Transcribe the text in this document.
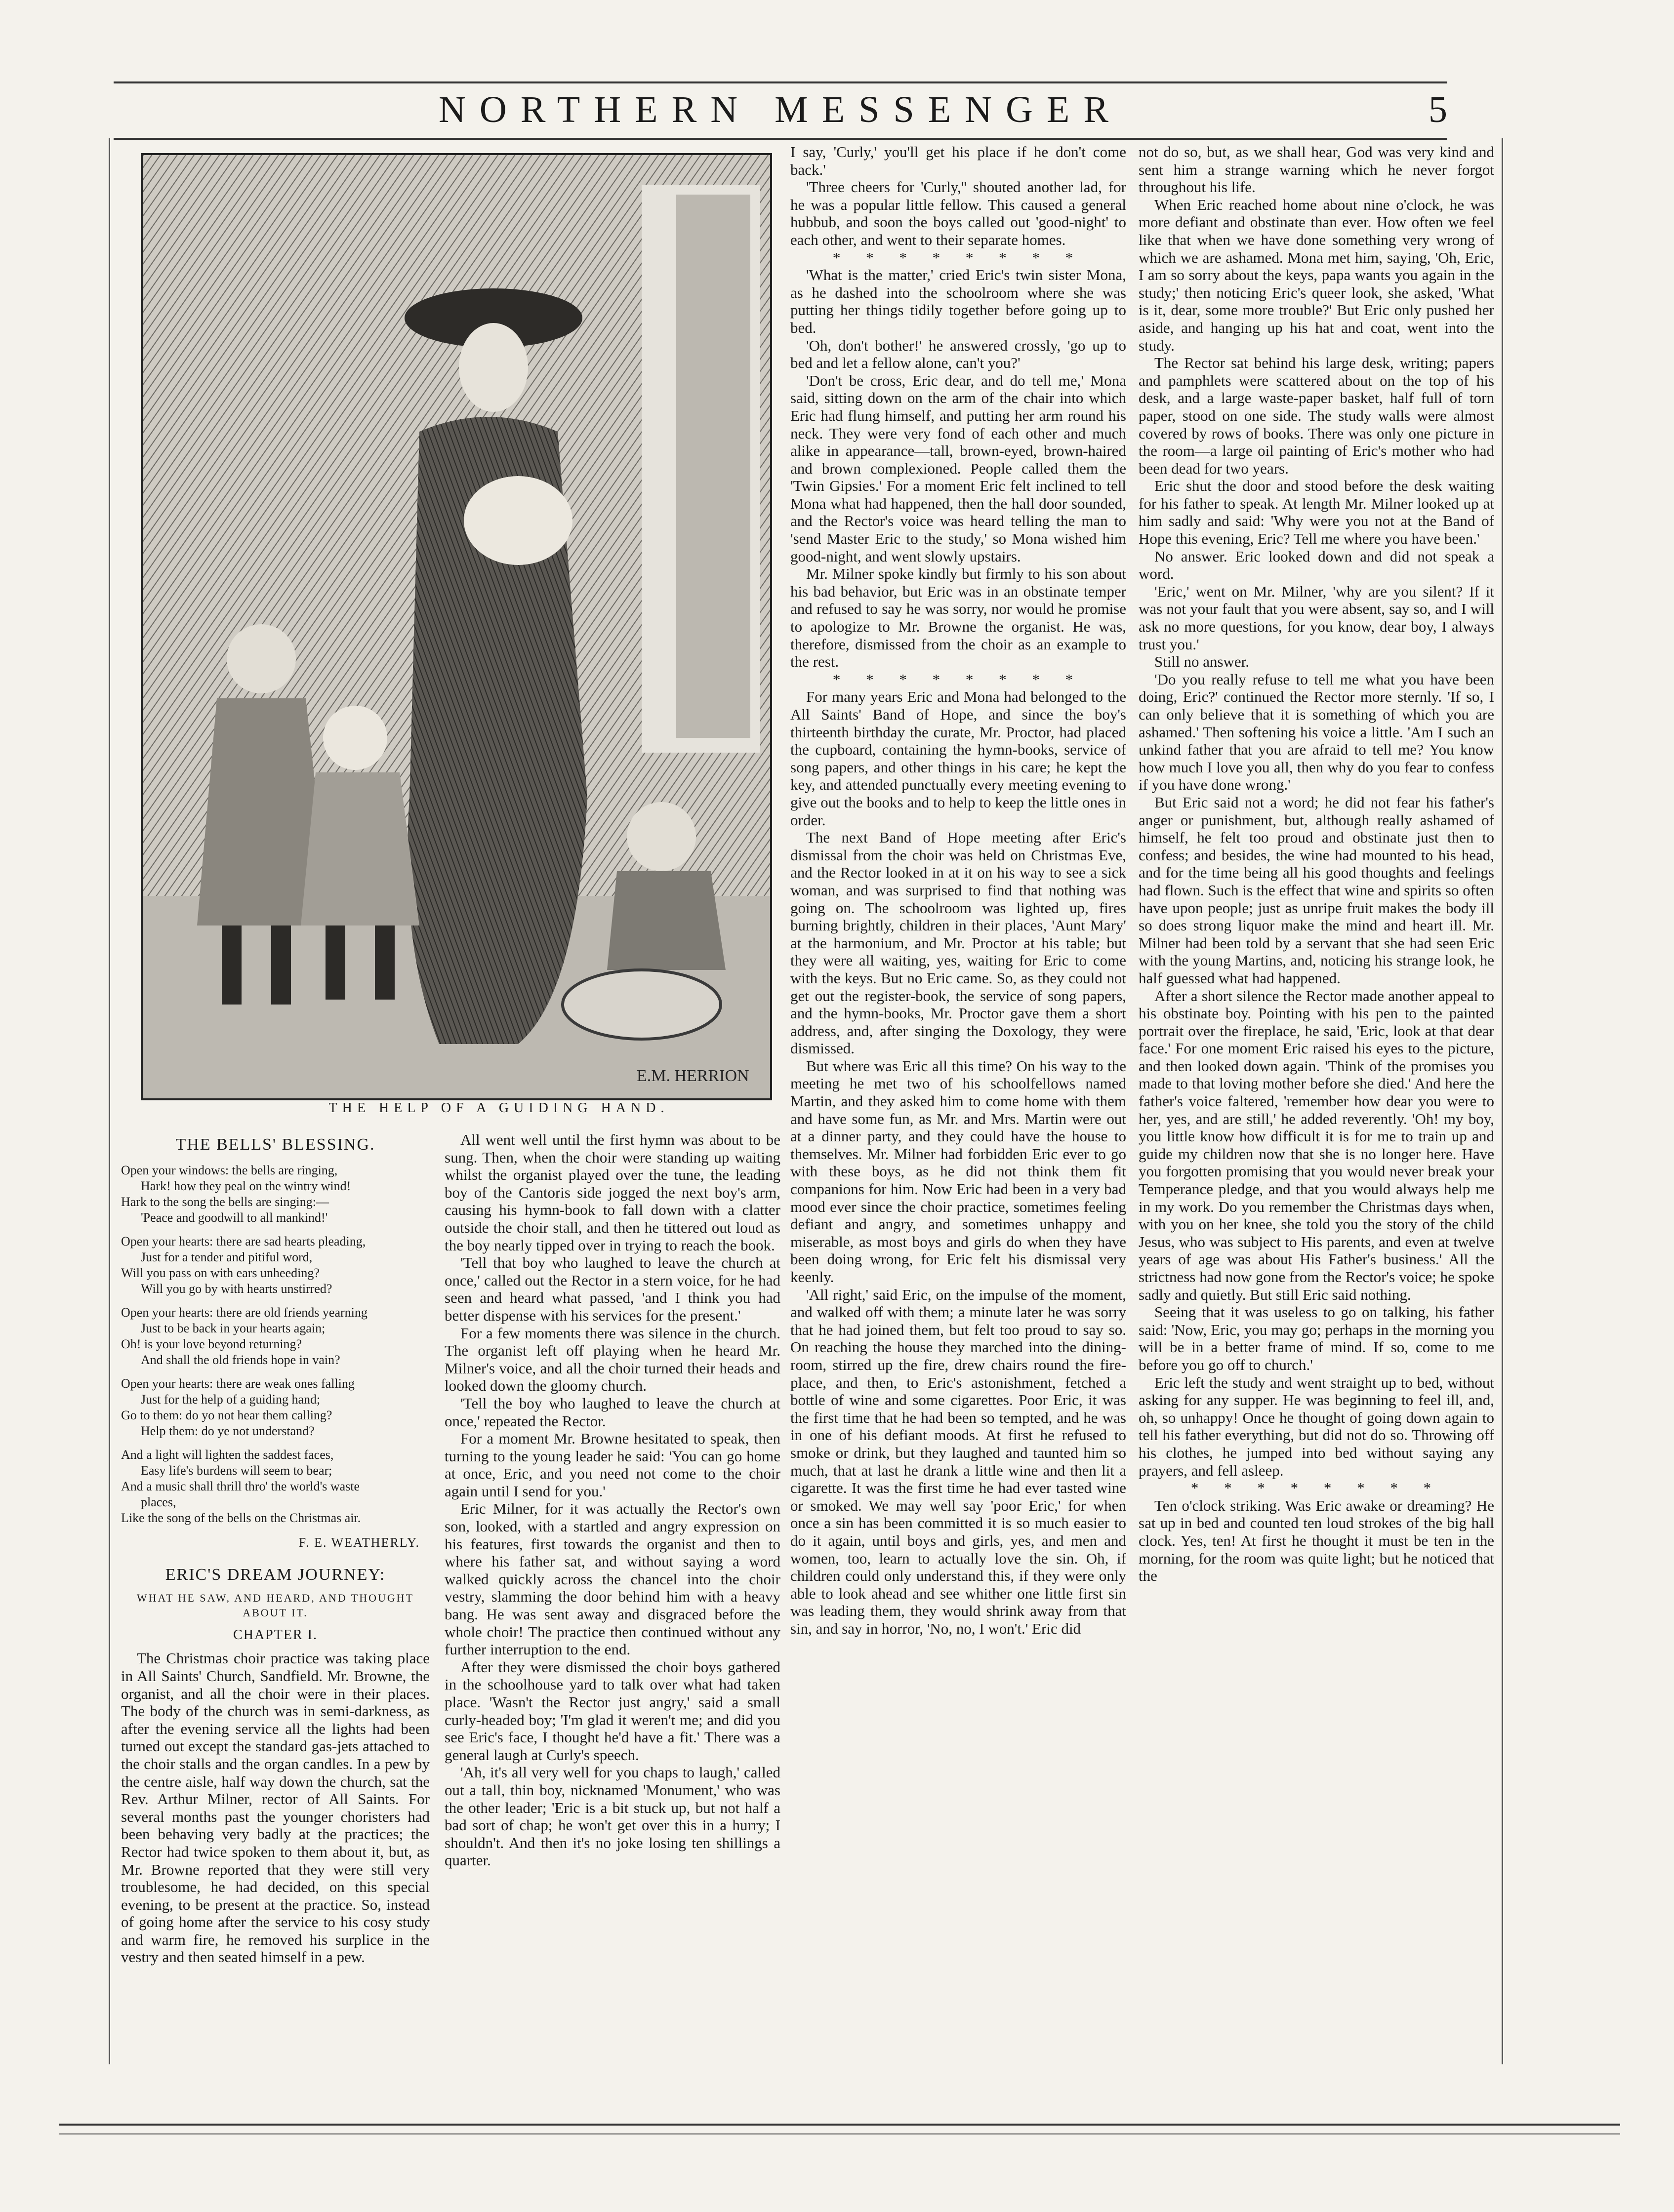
NORTHERN MESSENGER	5
E.M. HERRION
THE HELP OF A GUIDING HAND.
THE BELLS' BLESSING.
Open your windows: the bells are ringing,
Hark! how they peal on the wintry wind!
Hark to the song the bells are singing:—
'Peace and goodwill to all mankind!'
Open your hearts: there are sad hearts pleading,
Just for a tender and pitiful word,
Will you pass on with ears unheeding?
Will you go by with hearts unstirred?
Open your hearts: there are old friends yearning
Just to be back in your hearts again;
Oh! is your love beyond returning?
And shall the old friends hope in vain?
Open your hearts: there are weak ones falling
Just for the help of a guiding hand;
Go to them: do yo not hear them calling?
Help them: do ye not understand?
And a light will lighten the saddest faces,
Easy life's burdens will seem to bear;
And a music shall thrill thro' the world's waste
places,
Like the song of the bells on the Christmas air.
F. E. WEATHERLY.
ERIC'S DREAM JOURNEY:
WHAT HE SAW, AND HEARD, AND THOUGHT ABOUT IT.
CHAPTER I.

The Christmas choir practice was taking place in All Saints' Church, Sandfield. Mr. Browne, the organist, and all the choir were in their places. The body of the church was in semi-darkness, as after the evening service all the lights had been turned out except the standard gas-jets attached to the choir stalls and the organ candles. In a pew by the centre aisle, half way down the church, sat the Rev. Arthur Milner, rector of All Saints. For several months past the younger choristers had been behaving very badly at the practices; the Rector had twice spoken to them about it, but, as Mr. Browne reported that they were still very troublesome, he had decided, on this special evening, to be present at the practice. So, instead of going home after the service to his cosy study and warm fire, he removed his surplice in the vestry and then seated himself in a pew.

All went well until the first hymn was about to be sung. Then, when the choir were standing up waiting whilst the organist played over the tune, the leading boy of the Cantoris side jogged the next boy's arm, causing his hymn-book to fall down with a clatter outside the choir stall, and then he tittered out loud as the boy nearly tipped over in trying to reach the book.

'Tell that boy who laughed to leave the church at once,' called out the Rector in a stern voice, for he had seen and heard what passed, 'and I think you had better dispense with his services for the present.'

For a few moments there was silence in the church. The organist left off playing when he heard Mr. Milner's voice, and all the choir turned their heads and looked down the gloomy church.

'Tell the boy who laughed to leave the church at once,' repeated the Rector.

For a moment Mr. Browne hesitated to speak, then turning to the young leader he said: 'You can go home at once, Eric, and you need not come to the choir again until I send for you.'

Eric Milner, for it was actually the Rector's own son, looked, with a startled and angry expression on his features, first towards the organist and then to where his father sat, and without saying a word walked quickly across the chancel into the choir vestry, slamming the door behind him with a heavy bang. He was sent away and disgraced before the whole choir! The practice then continued without any further interruption to the end.

After they were dismissed the choir boys gathered in the schoolhouse yard to talk over what had taken place. 'Wasn't the Rector just angry,' said a small curly-headed boy; 'I'm glad it weren't me; and did you see Eric's face, I thought he'd have a fit.' There was a general laugh at Curly's speech.

'Ah, it's all very well for you chaps to laugh,' called out a tall, thin boy, nicknamed 'Monument,' who was the other leader; 'Eric is a bit stuck up, but not half a bad sort of chap; he won't get over this in a hurry; I shouldn't. And then it's no joke losing ten shillings a quarter.

I say, 'Curly,' you'll get his place if he don't come back.'

'Three cheers for 'Curly,'' shouted another lad, for he was a popular little fellow. This caused a general hubbub, and soon the boys called out 'good-night' to each other, and went to their separate homes.

* * * * * * * *

'What is the matter,' cried Eric's twin sister Mona, as he dashed into the schoolroom where she was putting her things tidily together before going up to bed.

'Oh, don't bother!' he answered crossly, 'go up to bed and let a fellow alone, can't you?'

'Don't be cross, Eric dear, and do tell me,' Mona said, sitting down on the arm of the chair into which Eric had flung himself, and putting her arm round his neck. They were very fond of each other and much alike in appearance—tall, brown-eyed, brown-haired and brown complexioned. People called them the 'Twin Gipsies.' For a moment Eric felt inclined to tell Mona what had happened, then the hall door sounded, and the Rector's voice was heard telling the man to 'send Master Eric to the study,' so Mona wished him good-night, and went slowly upstairs.

Mr. Milner spoke kindly but firmly to his son about his bad behavior, but Eric was in an obstinate temper and refused to say he was sorry, nor would he promise to apologize to Mr. Browne the organist. He was, therefore, dismissed from the choir as an example to the rest.

* * * * * * * *

For many years Eric and Mona had belonged to the All Saints' Band of Hope, and since the boy's thirteenth birthday the curate, Mr. Proctor, had placed the cupboard, containing the hymn-books, service of song papers, and other things in his care; he kept the key, and attended punctually every meeting evening to give out the books and to help to keep the little ones in order.

The next Band of Hope meeting after Eric's dismissal from the choir was held on Christmas Eve, and the Rector looked in at it on his way to see a sick woman, and was surprised to find that nothing was going on. The schoolroom was lighted up, fires burning brightly, children in their places, 'Aunt Mary' at the harmonium, and Mr. Proctor at his table; but they were all waiting, yes, waiting for Eric to come with the keys. But no Eric came. So, as they could not get out the register-book, the service of song papers, and the hymn-books, Mr. Proctor gave them a short address, and, after singing the Doxology, they were dismissed.

But where was Eric all this time? On his way to the meeting he met two of his schoolfellows named Martin, and they asked him to come home with them and have some fun, as Mr. and Mrs. Martin were out at a dinner party, and they could have the house to themselves. Mr. Milner had forbidden Eric ever to go with these boys, as he did not think them fit companions for him. Now Eric had been in a very bad mood ever since the choir practice, sometimes feeling defiant and angry, and sometimes unhappy and miserable, as most boys and girls do when they have been doing wrong, for Eric felt his dismissal very keenly.

'All right,' said Eric, on the impulse of the moment, and walked off with them; a minute later he was sorry that he had joined them, but felt too proud to say so. On reaching the house they marched into the dining-room, stirred up the fire, drew chairs round the fire-place, and then, to Eric's astonishment, fetched a bottle of wine and some cigarettes. Poor Eric, it was the first time that he had been so tempted, and he was in one of his defiant moods. At first he refused to smoke or drink, but they laughed and taunted him so much, that at last he drank a little wine and then lit a cigarette. It was the first time he had ever tasted wine or smoked. We may well say 'poor Eric,' for when once a sin has been committed it is so much easier to do it again, until boys and girls, yes, and men and women, too, learn to actually love the sin. Oh, if children could only understand this, if they were only able to look ahead and see whither one little first sin was leading them, they would shrink away from that sin, and say in horror, 'No, no, I won't.' Eric did

not do so, but, as we shall hear, God was very kind and sent him a strange warning which he never forgot throughout his life.

When Eric reached home about nine o'clock, he was more defiant and obstinate than ever. How often we feel like that when we have done something very wrong of which we are ashamed. Mona met him, saying, 'Oh, Eric, I am so sorry about the keys, papa wants you again in the study;' then noticing Eric's queer look, she asked, 'What is it, dear, some more trouble?' But Eric only pushed her aside, and hanging up his hat and coat, went into the study.

The Rector sat behind his large desk, writing; papers and pamphlets were scattered about on the top of his desk, and a large waste-paper basket, half full of torn paper, stood on one side. The study walls were almost covered by rows of books. There was only one picture in the room—a large oil painting of Eric's mother who had been dead for two years.

Eric shut the door and stood before the desk waiting for his father to speak. At length Mr. Milner looked up at him sadly and said: 'Why were you not at the Band of Hope this evening, Eric? Tell me where you have been.'

No answer. Eric looked down and did not speak a word.

'Eric,' went on Mr. Milner, 'why are you silent? If it was not your fault that you were absent, say so, and I will ask no more questions, for you know, dear boy, I always trust you.'

Still no answer.

'Do you really refuse to tell me what you have been doing, Eric?' continued the Rector more sternly. 'If so, I can only believe that it is something of which you are ashamed.' Then softening his voice a little. 'Am I such an unkind father that you are afraid to tell me? You know how much I love you all, then why do you fear to confess if you have done wrong.'

But Eric said not a word; he did not fear his father's anger or punishment, but, although really ashamed of himself, he felt too proud and obstinate just then to confess; and besides, the wine had mounted to his head, and for the time being all his good thoughts and feelings had flown. Such is the effect that wine and spirits so often have upon people; just as unripe fruit makes the body ill so does strong liquor make the mind and heart ill. Mr. Milner had been told by a servant that she had seen Eric with the young Martins, and, noticing his strange look, he half guessed what had happened.

After a short silence the Rector made another appeal to his obstinate boy. Pointing with his pen to the painted portrait over the fireplace, he said, 'Eric, look at that dear face.' For one moment Eric raised his eyes to the picture, and then looked down again. 'Think of the promises you made to that loving mother before she died.' And here the father's voice faltered, 'remember how dear you were to her, yes, and are still,' he added reverently. 'Oh! my boy, you little know how difficult it is for me to train up and guide my children now that she is no longer here. Have you forgotten promising that you would never break your Temperance pledge, and that you would always help me in my work. Do you remember the Christmas days when, with you on her knee, she told you the story of the child Jesus, who was subject to His parents, and even at twelve years of age was about His Father's business.' All the strictness had now gone from the Rector's voice; he spoke sadly and quietly. But still Eric said nothing.

Seeing that it was useless to go on talking, his father said: 'Now, Eric, you may go; perhaps in the morning you will be in a better frame of mind. If so, come to me before you go off to church.'

Eric left the study and went straight up to bed, without asking for any supper. He was beginning to feel ill, and, oh, so unhappy! Once he thought of going down again to tell his father everything, but did not do so. Throwing off his clothes, he jumped into bed without saying any prayers, and fell asleep.

* * * * * * * *

Ten o'clock striking. Was Eric awake or dreaming? He sat up in bed and counted ten loud strokes of the big hall clock. Yes, ten! At first he thought it must be ten in the morning, for the room was quite light; but he noticed that the
